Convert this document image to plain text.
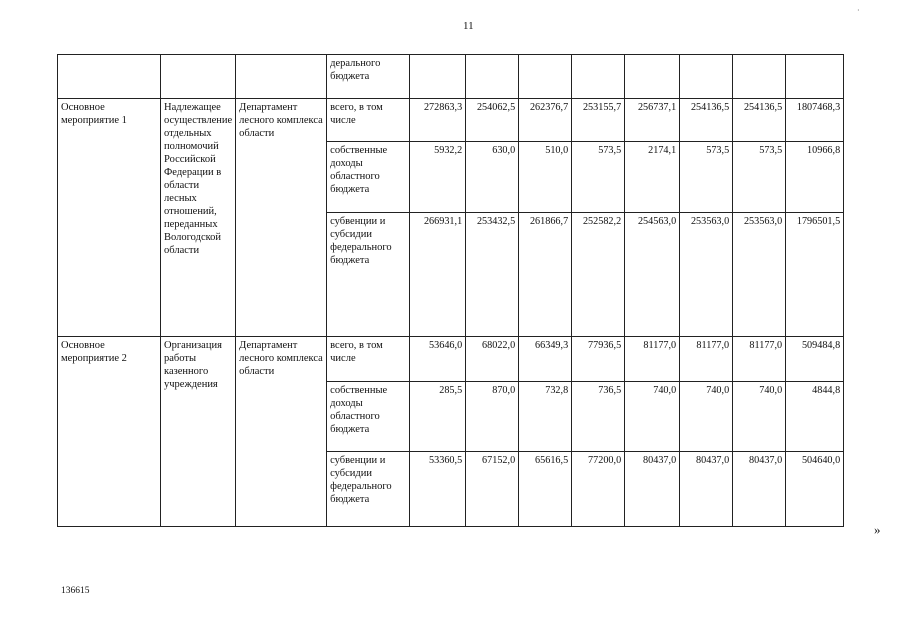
11
·
			дерального бюджета								
Основное мероприятие 1	Надлежащее осуществление отдельных полномочий Российской Федерации в области лесных отношений, переданных Вологодской области	Департамент лесного комплекса области	всего, в том числе	272863,3	254062,5	262376,7	253155,7	256737,1	254136,5	254136,5	1807468,3
			собственные доходы областного бюджета	5932,2	630,0	510,0	573,5	2174,1	573,5	573,5	10966,8
			субвенции и субсидии федерального бюджета	266931,1	253432,5	261866,7	252582,2	254563,0	253563,0	253563,0	1796501,5
Основное мероприятие 2	Организация работы казенного учреждения	Департамент лесного комплекса области	всего, в том числе	53646,0	68022,0	66349,3	77936,5	81177,0	81177,0	81177,0	509484,8
			собственные доходы областного бюджета	285,5	870,0	732,8	736,5	740,0	740,0	740,0	4844,8
			субвенции и субсидии федерального бюджета	53360,5	67152,0	65616,5	77200,0	80437,0	80437,0	80437,0	504640,0
»
136615
